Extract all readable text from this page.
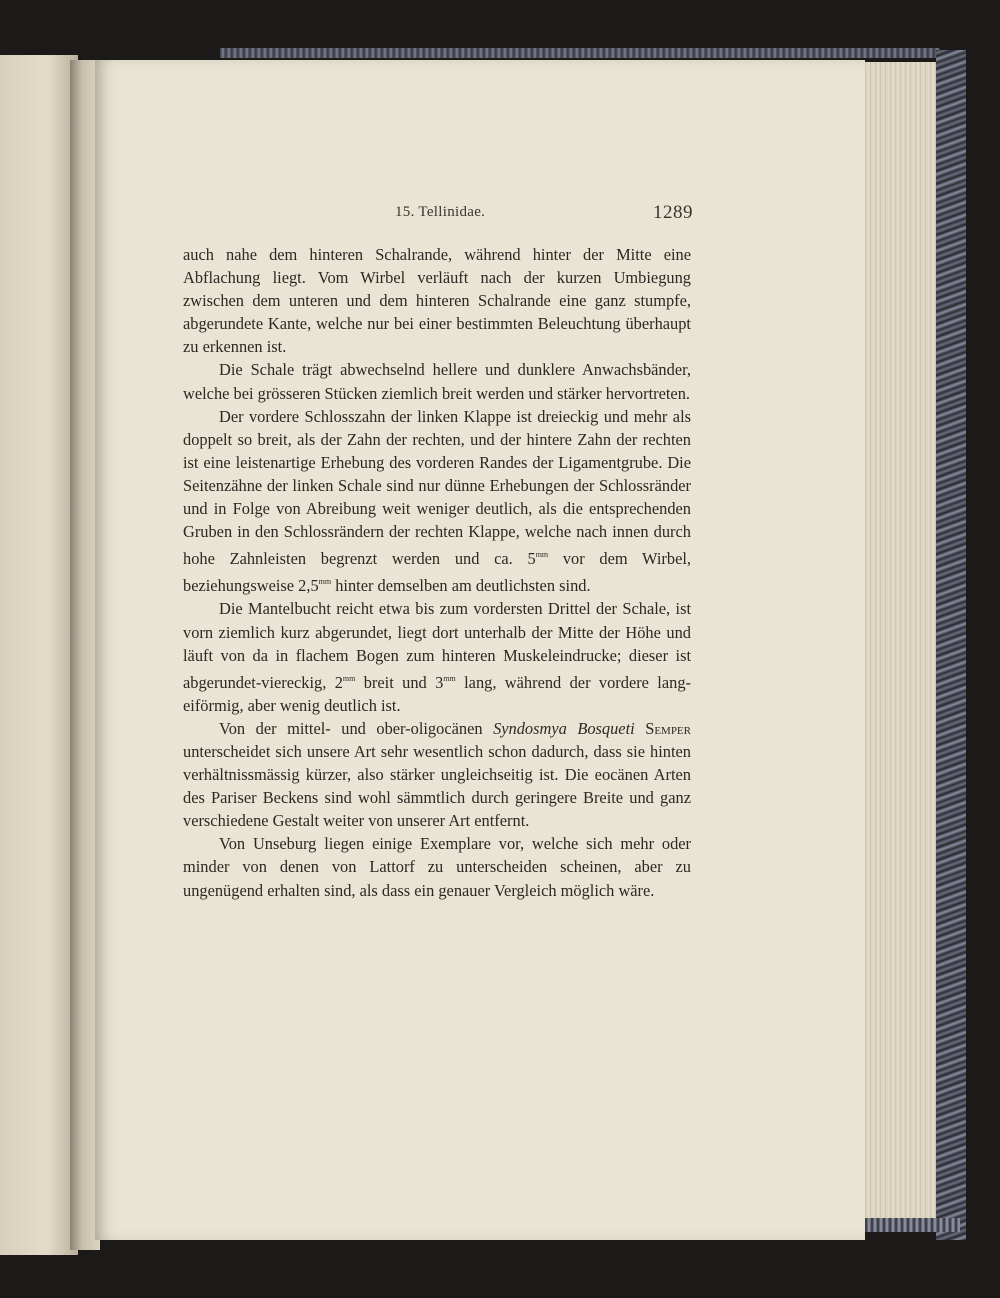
15. Tellinidae.	1289

auch nahe dem hinteren Schalrande, während hinter der Mitte eine Abflachung liegt. Vom Wirbel verläuft nach der kurzen Umbiegung zwischen dem unteren und dem hinteren Schalrande eine ganz stumpfe, abgerundete Kante, welche nur bei einer bestimmten Beleuchtung überhaupt zu erkennen ist.

Die Schale trägt abwechselnd hellere und dunklere Anwachsbänder, welche bei grösseren Stücken ziemlich breit werden und stärker hervortreten.

Der vordere Schlosszahn der linken Klappe ist dreieckig und mehr als doppelt so breit, als der Zahn der rechten, und der hintere Zahn der rechten ist eine leistenartige Erhebung des vorderen Randes der Ligamentgrube. Die Seitenzähne der linken Schale sind nur dünne Erhebungen der Schlossränder und in Folge von Abreibung weit weniger deutlich, als die entsprechenden Gruben in den Schlossrändern der rechten Klappe, welche nach innen durch hohe Zahnleisten begrenzt werden und ca. $5^{mm}$ vor dem Wirbel, beziehungsweise $2,5^{mm}$ hinter demselben am deutlichsten sind.

Die Mantelbucht reicht etwa bis zum vordersten Drittel der Schale, ist vorn ziemlich kurz abgerundet, liegt dort unterhalb der Mitte der Höhe und läuft von da in flachem Bogen zum hinteren Muskeleindrucke; dieser ist abgerundet-viereckig, $2^{mm}$ breit und $3^{mm}$ lang, während der vordere lang-eiförmig, aber wenig deutlich ist.

Von der mittel- und ober-oligocänen Syndosmya Bosqueti Semper unterscheidet sich unsere Art sehr wesentlich schon dadurch, dass sie hinten verhältnissmässig kürzer, also stärker ungleichseitig ist. Die eocänen Arten des Pariser Beckens sind wohl sämmtlich durch geringere Breite und ganz verschiedene Gestalt weiter von unserer Art entfernt.

Von Unseburg liegen einige Exemplare vor, welche sich mehr oder minder von denen von Lattorf zu unterscheiden scheinen, aber zu ungenügend erhalten sind, als dass ein genauer Vergleich möglich wäre.
